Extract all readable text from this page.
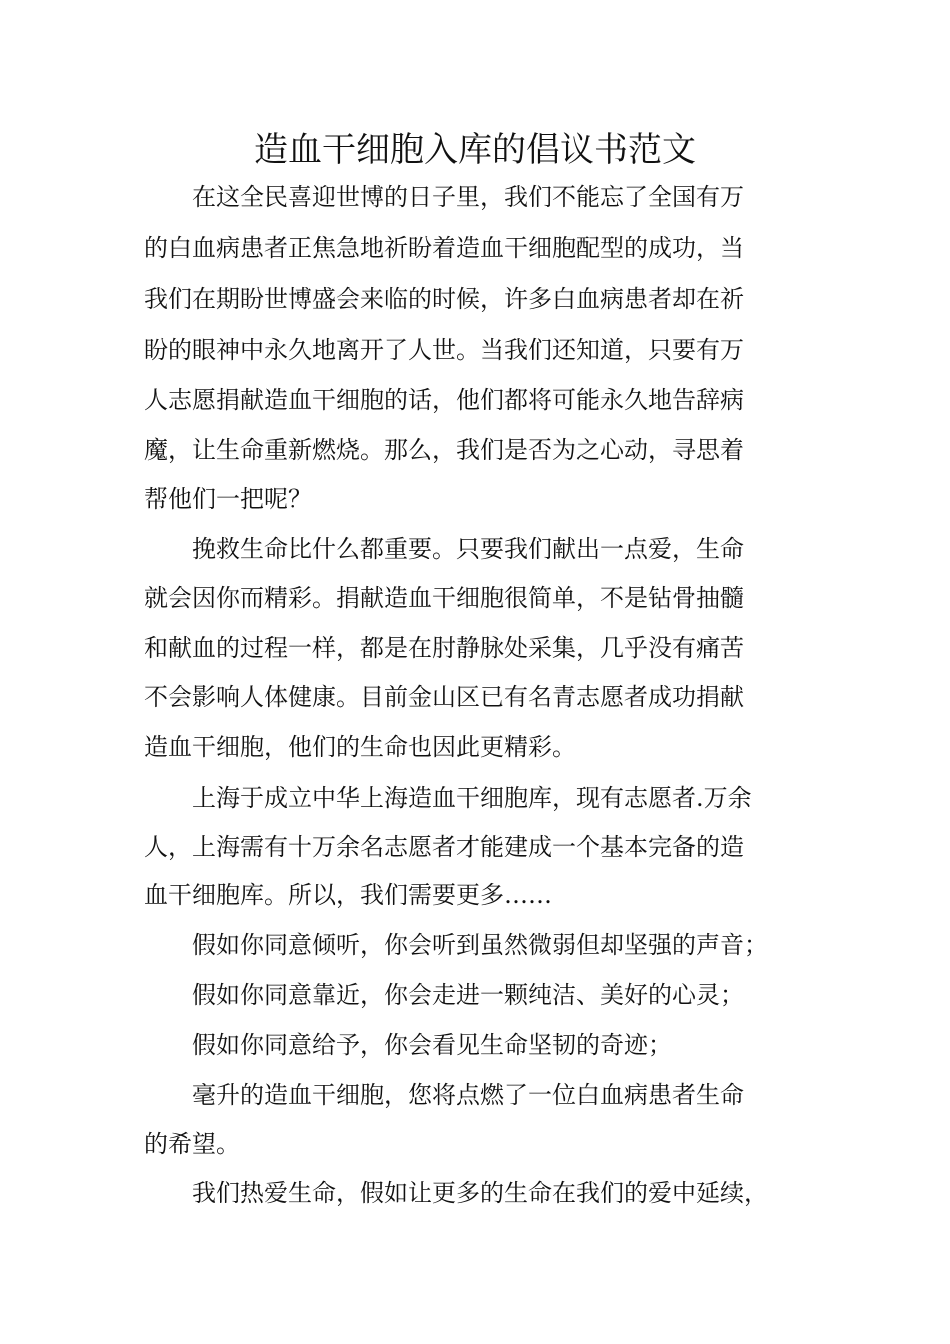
造血干细胞入库的倡议书范文
　　在这全民喜迎世博的日子里，我们不能忘了全国有万
的白血病患者正焦急地祈盼着造血干细胞配型的成功，当
我们在期盼世博盛会来临的时候，许多白血病患者却在祈
盼的眼神中永久地离开了人世。当我们还知道，只要有万
人志愿捐献造血干细胞的话，他们都将可能永久地告辞病
魔，让生命重新燃烧。那么，我们是否为之心动，寻思着
帮他们一把呢？
　　挽救生命比什么都重要。只要我们献出一点爱，生命
就会因你而精彩。捐献造血干细胞很简单，不是钻骨抽髓
和献血的过程一样，都是在肘静脉处采集，几乎没有痛苦
不会影响人体健康。目前金山区已有名青志愿者成功捐献
造血干细胞，他们的生命也因此更精彩。
　　上海于成立中华上海造血干细胞库，现有志愿者.万余
人，上海需有十万余名志愿者才能建成一个基本完备的造
血干细胞库。所以，我们需要更多……
　　假如你同意倾听，你会听到虽然微弱但却坚强的声音；
　　假如你同意靠近，你会走进一颗纯洁、美好的心灵；
　　假如你同意给予，你会看见生命坚韧的奇迹；
　　毫升的造血干细胞，您将点燃了一位白血病患者生命
的希望。
　　我们热爱生命，假如让更多的生命在我们的爱中延续，
